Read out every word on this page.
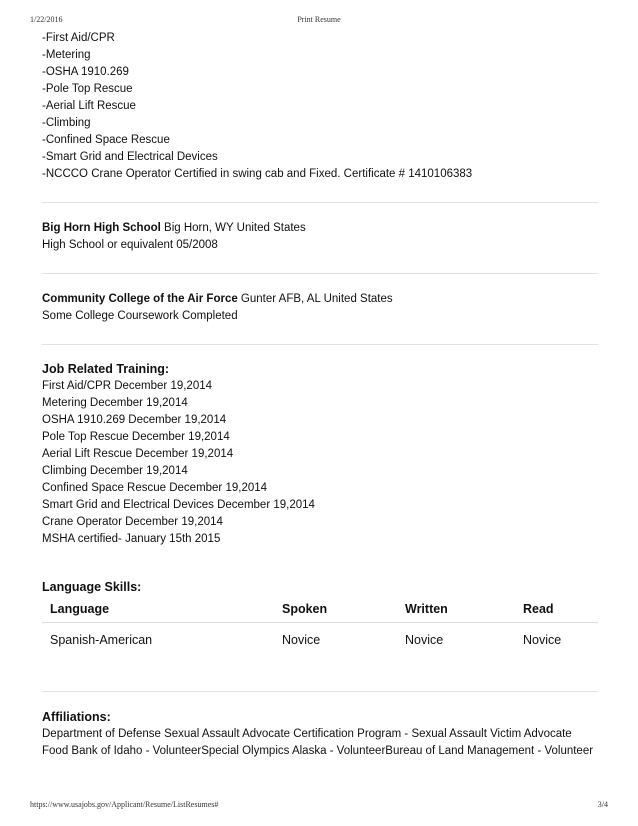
1/22/2016	Print Resume
-First Aid/CPR
-Metering
-OSHA 1910.269
-Pole Top Rescue
-Aerial Lift Rescue
-Climbing
-Confined Space Rescue
-Smart Grid and Electrical Devices
-NCCCO Crane Operator Certified in swing cab and Fixed. Certificate # 1410106383
Big Horn High School Big Horn, WY United States
High School or equivalent 05/2008
Community College of the Air Force Gunter AFB, AL United States
Some College Coursework Completed
Job Related Training:
First Aid/CPR December 19,2014
Metering December 19,2014
OSHA 1910.269 December 19,2014
Pole Top Rescue December 19,2014
Aerial Lift Rescue December 19,2014
Climbing December 19,2014
Confined Space Rescue December 19,2014
Smart Grid and Electrical Devices December 19,2014
Crane Operator December 19,2014
MSHA certified- January 15th 2015
Language Skills:
Language	Spoken	Written	Read
Spanish-American	Novice	Novice	Novice
Affiliations:
Department of Defense Sexual Assault Advocate Certification Program - Sexual Assault Victim Advocate Food Bank of Idaho - VolunteerSpecial Olympics Alaska - VolunteerBureau of Land Management - Volunteer
https://www.usajobs.gov/Applicant/Resume/ListResumes#	3/4
